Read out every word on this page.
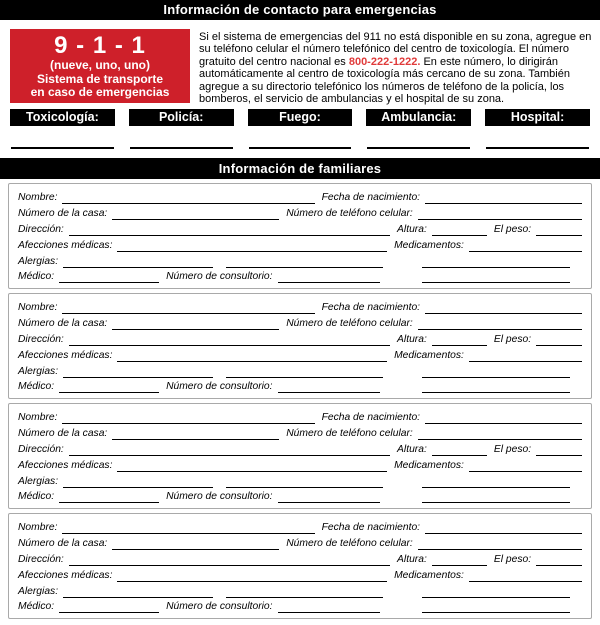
Información de contacto para emergencias
9 - 1 - 1
(nueve, uno, uno)
Sistema de transporte
en caso de emergencias
Si el sistema de emergencias del 911 no está disponible en su zona, agregue en su teléfono celular el número telefónico del centro de toxicología. El número gratuito del centro nacional es 800-222-1222. En este número, lo dirigirán automáticamente al centro de toxicología más cercano de su zona. También agregue a su directorio telefónico los números de teléfono de la policía, los bomberos, el servicio de ambulancias y el hospital de su zona.
Toxicología:	Policía:	Fuego:	Ambulancia:	Hospital:
Información de familiares
Nombre:	Fecha de nacimiento:
Número de la casa:	Número de teléfono celular:
Dirección:	Altura:	El peso:
Afecciones médicas:	Medicamentos:
Alergias:
Médico:	Número de consultorio:
Nombre:	Fecha de nacimiento:
Número de la casa:	Número de teléfono celular:
Dirección:	Altura:	El peso:
Afecciones médicas:	Medicamentos:
Alergias:
Médico:	Número de consultorio:
Nombre:	Fecha de nacimiento:
Número de la casa:	Número de teléfono celular:
Dirección:	Altura:	El peso:
Afecciones médicas:	Medicamentos:
Alergias:
Médico:	Número de consultorio:
Nombre:	Fecha de nacimiento:
Número de la casa:	Número de teléfono celular:
Dirección:	Altura:	El peso:
Afecciones médicas:	Medicamentos:
Alergias:
Médico:	Número de consultorio:
